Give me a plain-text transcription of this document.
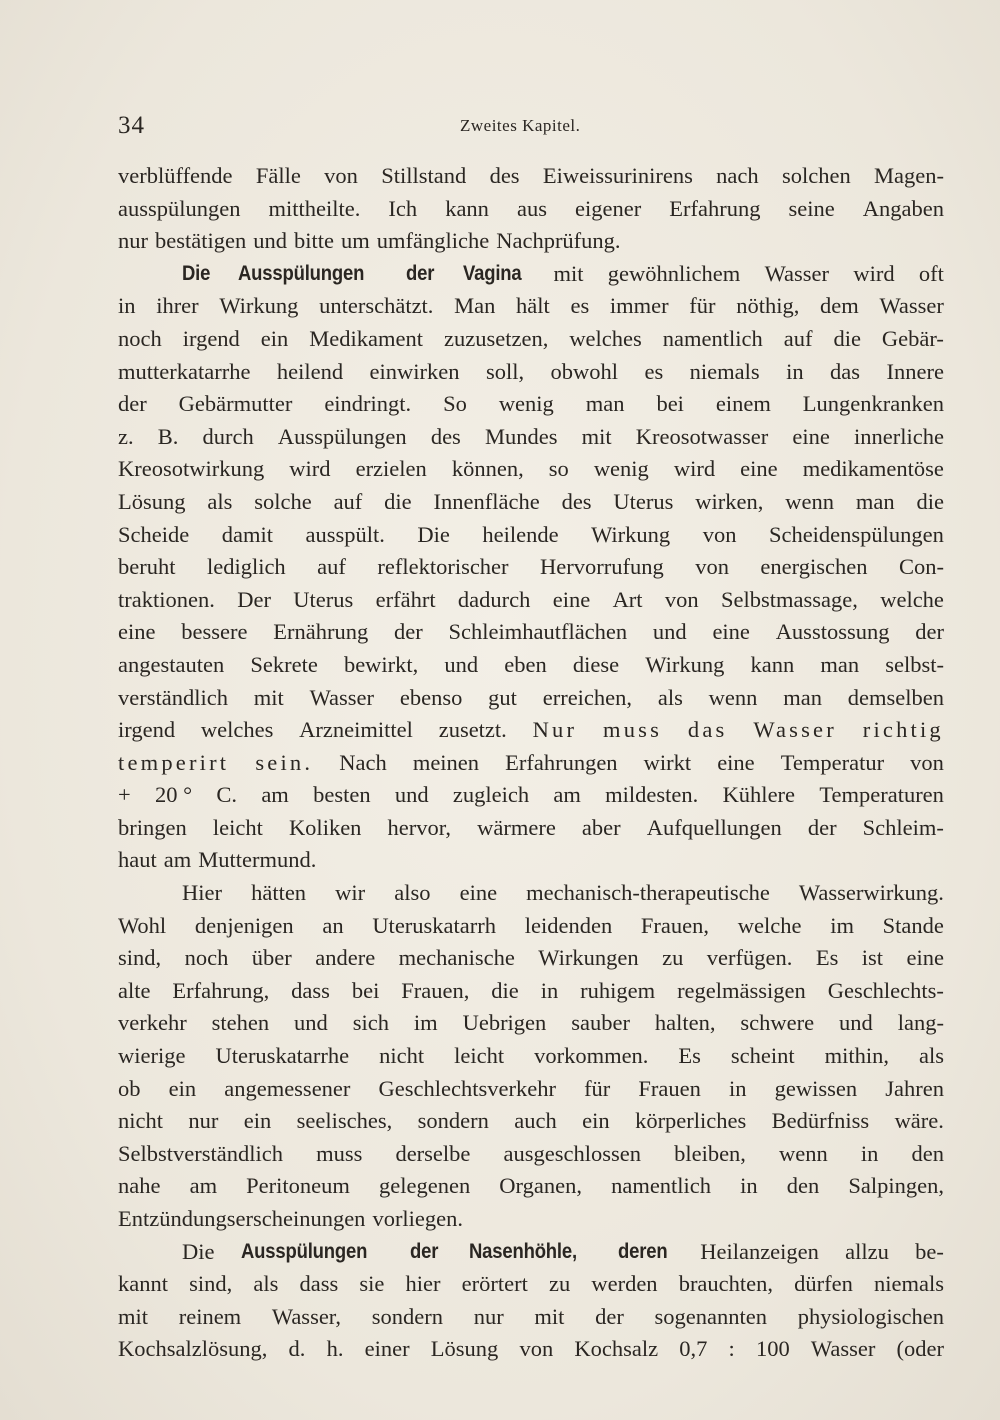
34	Zweites Kapitel.
verblüffende Fälle von Stillstand des Eiweissurinirens nach solchen Magen-
ausspülungen mittheilte. Ich kann aus eigener Erfahrung seine Angaben
nur bestätigen und bitte um umfängliche Nachprüfung.
Die Ausspülungen der Vagina mit gewöhnlichem Wasser wird oft
in ihrer Wirkung unterschätzt. Man hält es immer für nöthig, dem Wasser
noch irgend ein Medikament zuzusetzen, welches namentlich auf die Gebär-
mutterkatarrhe heilend einwirken soll, obwohl es niemals in das Innere
der Gebärmutter eindringt. So wenig man bei einem Lungenkranken
z. B. durch Ausspülungen des Mundes mit Kreosotwasser eine innerliche
Kreosotwirkung wird erzielen können, so wenig wird eine medikamentöse
Lösung als solche auf die Innenfläche des Uterus wirken, wenn man die
Scheide damit ausspült. Die heilende Wirkung von Scheidenspülungen
beruht lediglich auf reflektorischer Hervorrufung von energischen Con-
traktionen. Der Uterus erfährt dadurch eine Art von Selbstmassage, welche
eine bessere Ernährung der Schleimhautflächen und eine Ausstossung der
angestauten Sekrete bewirkt, und eben diese Wirkung kann man selbst-
verständlich mit Wasser ebenso gut erreichen, als wenn man demselben
irgend welches Arzneimittel zusetzt. Nur muss das Wasser richtig
temperirt sein. Nach meinen Erfahrungen wirkt eine Temperatur von
+ 20 ° C. am besten und zugleich am mildesten. Kühlere Temperaturen
bringen leicht Koliken hervor, wärmere aber Aufquellungen der Schleim-
haut am Muttermund.
Hier hätten wir also eine mechanisch-therapeutische Wasserwirkung.
Wohl denjenigen an Uteruskatarrh leidenden Frauen, welche im Stande
sind, noch über andere mechanische Wirkungen zu verfügen. Es ist eine
alte Erfahrung, dass bei Frauen, die in ruhigem regelmässigen Geschlechts-
verkehr stehen und sich im Uebrigen sauber halten, schwere und lang-
wierige Uteruskatarrhe nicht leicht vorkommen. Es scheint mithin, als
ob ein angemessener Geschlechtsverkehr für Frauen in gewissen Jahren
nicht nur ein seelisches, sondern auch ein körperliches Bedürfniss wäre.
Selbstverständlich muss derselbe ausgeschlossen bleiben, wenn in den
nahe am Peritoneum gelegenen Organen, namentlich in den Salpingen,
Entzündungserscheinungen vorliegen.
Die Ausspülungen der Nasenhöhle, deren Heilanzeigen allzu be-
kannt sind, als dass sie hier erörtert zu werden brauchten, dürfen niemals
mit reinem Wasser, sondern nur mit der sogenannten physiologischen
Kochsalzlösung, d. h. einer Lösung von Kochsalz 0,7 : 100 Wasser (oder
